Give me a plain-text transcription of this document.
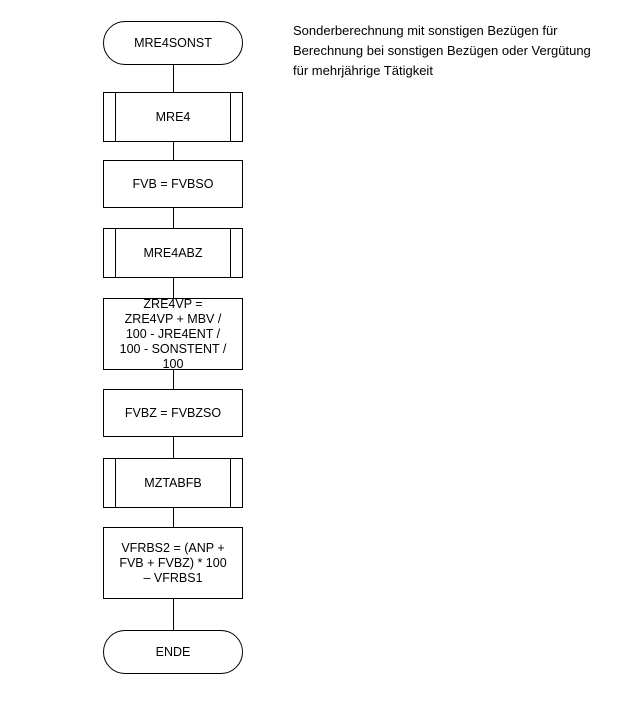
MRE4SONST
MRE4
FVB = FVBSO
MRE4ABZ
ZRE4VP = ZRE4VP + MBV / 100 - JRE4ENT / 100 - SONSTENT / 100
FVBZ = FVBZSO
MZTABFB
VFRBS2 = (ANP + FVB + FVBZ) * 100 – VFRBS1
ENDE
Sonderberechnung mit sonstigen Bezügen für Berechnung bei sonstigen Bezügen oder Vergütung für mehrjährige Tätigkeit
